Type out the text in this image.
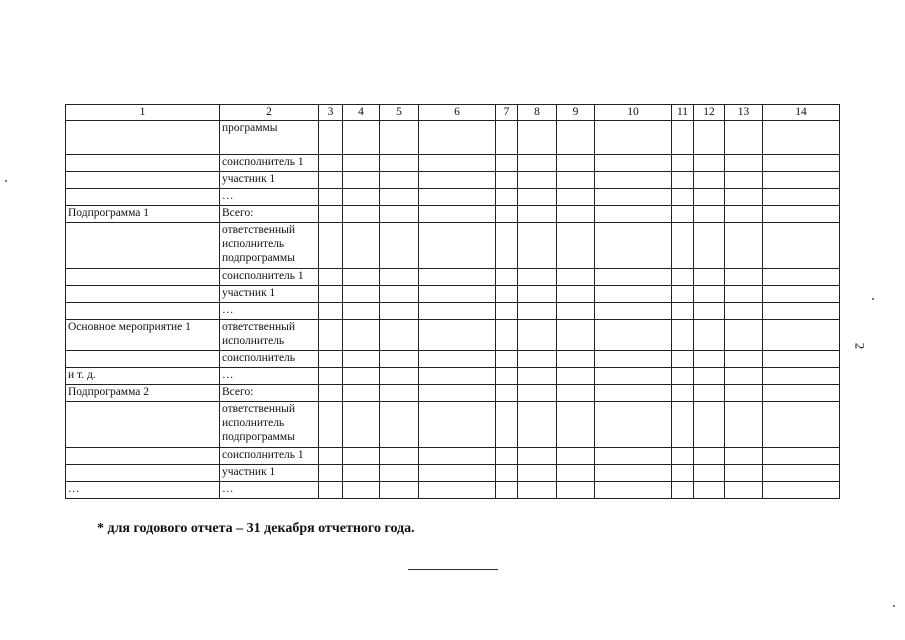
1	2	3	4	5	6	7	8	9	10	11	12	13	14
	программы												
	соисполнитель 1												
	участник 1												
	…												
Подпрограмма 1	Всего:												
	ответственный исполнитель подпрограммы												
	соисполнитель 1												
	участник 1												
	…												
Основное мероприятие 1	ответственный исполнитель												
	соисполнитель												
и т. д.	…												
Подпрограмма 2	Всего:												
	ответственный исполнитель подпрограммы												
	соисполнитель 1												
	участник 1												
…	…												
2
* для годового отчета – 31 декабря отчетного года.
